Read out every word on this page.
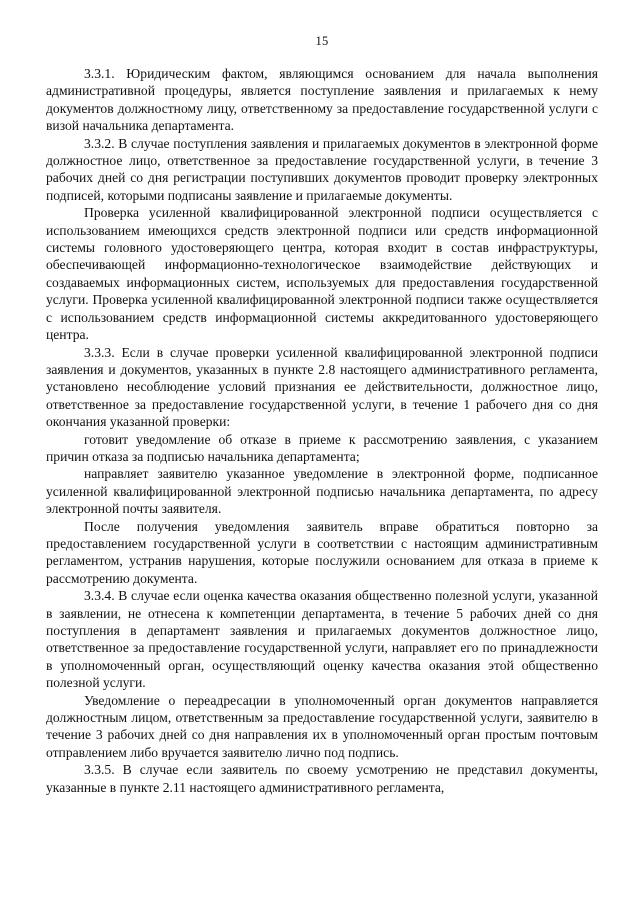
15

3.3.1. Юридическим фактом, являющимся основанием для начала выполнения административной процедуры, является поступление заявления и прилагаемых к нему документов должностному лицу, ответственному за предоставление государственной услуги с визой начальника департамента.

3.3.2. В случае поступления заявления и прилагаемых документов в электронной форме должностное лицо, ответственное за предоставление государственной услуги, в течение 3 рабочих дней со дня регистрации поступивших документов проводит проверку электронных подписей, которыми подписаны заявление и прилагаемые документы.

Проверка усиленной квалифицированной электронной подписи осуществляется с использованием имеющихся средств электронной подписи или средств информационной системы головного удостоверяющего центра, которая входит в состав инфраструктуры, обеспечивающей информационно-технологическое взаимодействие действующих и создаваемых информационных систем, используемых для предоставления государственной услуги. Проверка усиленной квалифицированной электронной подписи также осуществляется с использованием средств информационной системы аккредитованного удостоверяющего центра.

3.3.3. Если в случае проверки усиленной квалифицированной электронной подписи заявления и документов, указанных в пункте 2.8 настоящего административного регламента, установлено несоблюдение условий признания ее действительности, должностное лицо, ответственное за предоставление государственной услуги, в течение 1 рабочего дня со дня окончания указанной проверки:

готовит уведомление об отказе в приеме к рассмотрению заявления, с указанием причин отказа за подписью начальника департамента;

направляет заявителю указанное уведомление в электронной форме, подписанное усиленной квалифицированной электронной подписью начальника департамента, по адресу электронной почты заявителя.

После получения уведомления заявитель вправе обратиться повторно за предоставлением государственной услуги в соответствии с настоящим административным регламентом, устранив нарушения, которые послужили основанием для отказа в приеме к рассмотрению документа.

3.3.4. В случае если оценка качества оказания общественно полезной услуги, указанной в заявлении, не отнесена к компетенции департамента, в течение 5 рабочих дней со дня поступления в департамент заявления и прилагаемых документов должностное лицо, ответственное за предоставление государственной услуги, направляет его по принадлежности в уполномоченный орган, осуществляющий оценку качества оказания этой общественно полезной услуги.

Уведомление о переадресации в уполномоченный орган документов направляется должностным лицом, ответственным за предоставление государственной услуги, заявителю в течение 3 рабочих дней со дня направления их в уполномоченный орган простым почтовым отправлением либо вручается заявителю лично под подпись.

3.3.5. В случае если заявитель по своему усмотрению не представил документы, указанные в пункте 2.11 настоящего административного регламента,
